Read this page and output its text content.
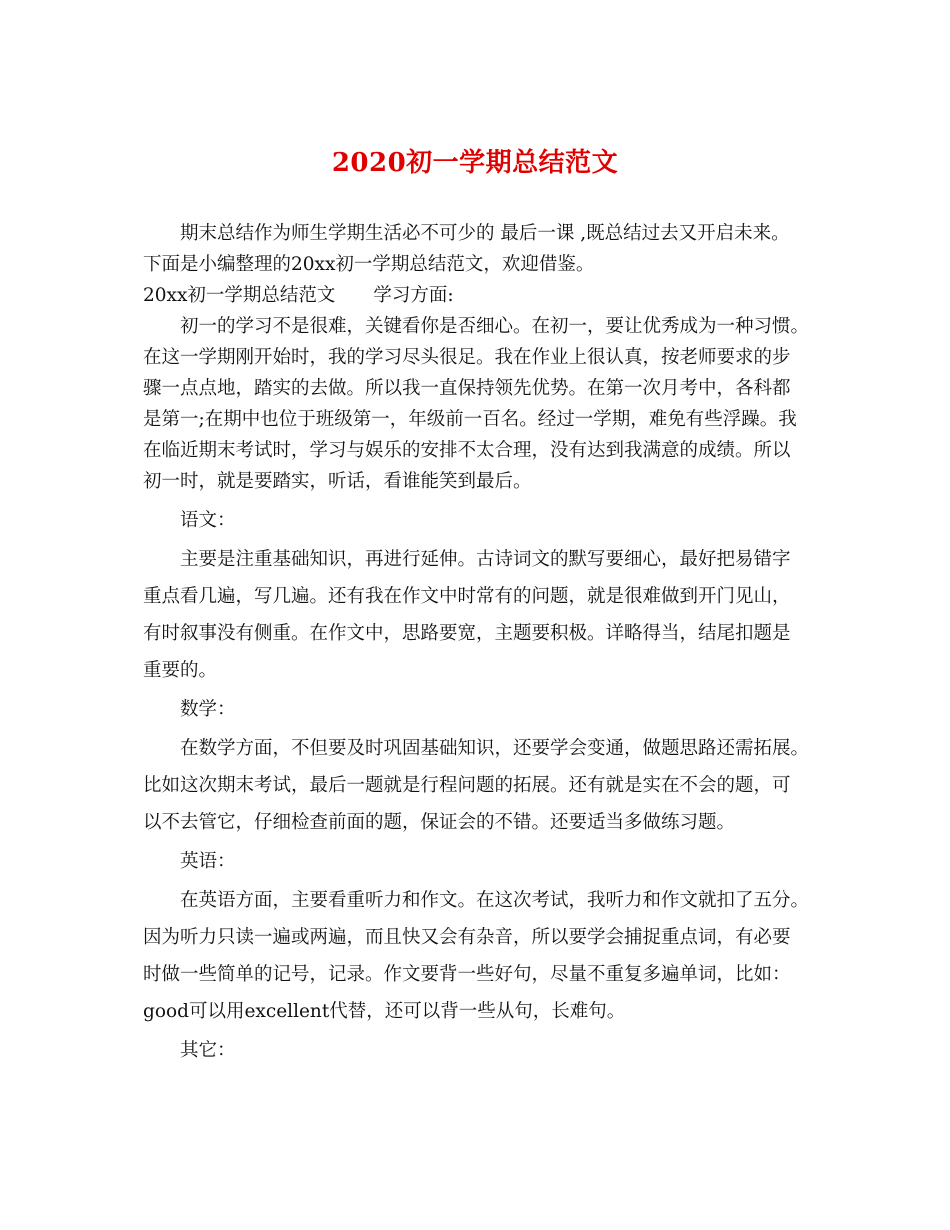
2020初一学期总结范文
期末总结作为师生学期生活必不可少的 最后一课 ,既总结过去又开启未来。
下面是小编整理的20xx初一学期总结范文，欢迎借鉴。
20xx初一学期总结范文 学习方面:
初一的学习不是很难，关键看你是否细心。在初一，要让优秀成为一种习惯。
在这一学期刚开始时，我的学习尽头很足。我在作业上很认真，按老师要求的步
骤一点点地，踏实的去做。所以我一直保持领先优势。在第一次月考中，各科都
是第一;在期中也位于班级第一，年级前一百名。经过一学期，难免有些浮躁。我
在临近期末考试时，学习与娱乐的安排不太合理，没有达到我满意的成绩。所以
初一时，就是要踏实，听话，看谁能笑到最后。
语文：
主要是注重基础知识，再进行延伸。古诗词文的默写要细心，最好把易错字
重点看几遍，写几遍。还有我在作文中时常有的问题，就是很难做到开门见山，
有时叙事没有侧重。在作文中，思路要宽，主题要积极。详略得当，结尾扣题是
重要的。
数学：
在数学方面，不但要及时巩固基础知识，还要学会变通，做题思路还需拓展。
比如这次期末考试，最后一题就是行程问题的拓展。还有就是实在不会的题，可
以不去管它，仔细检查前面的题，保证会的不错。还要适当多做练习题。
英语：
在英语方面，主要看重听力和作文。在这次考试，我听力和作文就扣了五分。
因为听力只读一遍或两遍，而且快又会有杂音，所以要学会捕捉重点词，有必要
时做一些简单的记号，记录。作文要背一些好句，尽量不重复多遍单词，比如：
good可以用excellent代替，还可以背一些从句，长难句。
其它：
